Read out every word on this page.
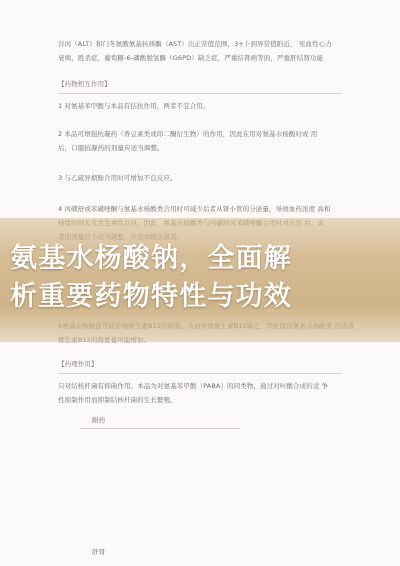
谷丙（ALT）和门冬氨酸氨基转移酶（AST）出正常值范围，3+卜到异常值附近， 宪血性心力
衰竭，胜杀症，葡萄糖-6-磷酸脱氢酶（G6PD）缺乏症，严重结肾病等的，严重肝结肾功能
【药物相互作用】
1 对氨基苯甲酸与本品有拮抗作用，两者不宜合用。
2 本品可增强抗凝药（香豆素类或茚二酮衍生物）的作用，因此在用对氨基水杨酸时或 用
后，口服抗凝药的剂量应适当调整。
3 与乙硫异烟胺合用时可增加不良反应。
4 丙磺舒或苯磺唑酮与氨基水杨酸类合用时可减少后者从肾小管的分泌量，导致血药浓度 高和
【药理作用】
只对结核杆菌有抑菌作用。本品为对氨基苯甲酸（PABA）的同类物，通过对叶酸合成的竞 争
性抑制作用而抑制结核杆菌的生长繁殖。
耐药
肝肾
氨基水杨酸钠，全面解
析重要药物特性与功效
